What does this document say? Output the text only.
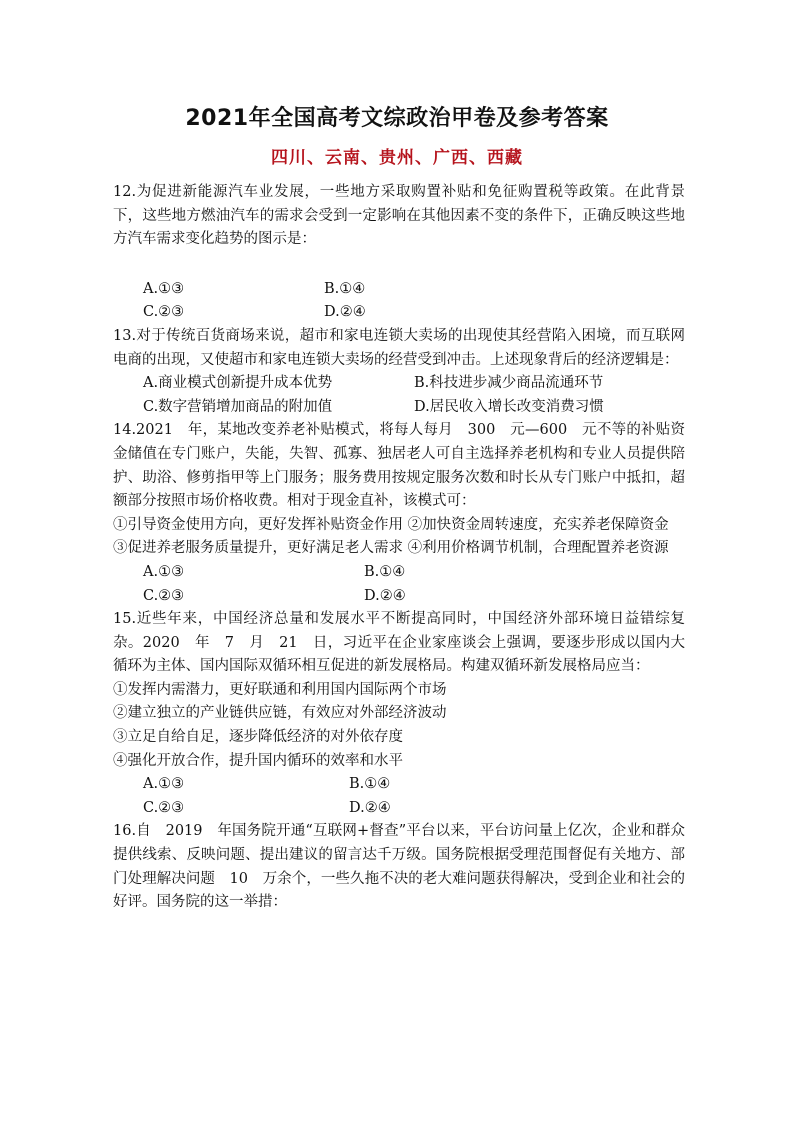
2021年全国高考文综政治甲卷及参考答案
四川、云南、贵州、广西、西藏

12.为促进新能源汽车业发展，一些地方采取购置补贴和免征购置税等政策。在此背景下，这些地方燃油汽车的需求会受到一定影响在其他因素不变的条件下，正确反映这些地方汽车需求变化趋势的图示是：

A.①③	B.①④
C.②③	D.②④

13.对于传统百货商场来说，超市和家电连锁大卖场的出现使其经营陷入困境，而互联网电商的出现，又使超市和家电连锁大卖场的经营受到冲击。上述现象背后的经济逻辑是：

A.商业模式创新提升成本优势	B.科技进步减少商品流通环节
C.数字营销增加商品的附加值	D.居民收入增长改变消费习惯

14.2021　年，某地改变养老补贴模式，将每人每月　300　元—600　元不等的补贴资金储值在专门账户，失能，失智、孤寡、独居老人可自主选择养老机构和专业人员提供陪护、助浴、修剪指甲等上门服务；服务费用按规定服务次数和时长从专门账户中抵扣，超额部分按照市场价格收费。相对于现金直补，该模式可：

①引导资金使用方向，更好发挥补贴资金作用 ②加快资金周转速度，充实养老保障资金

③促进养老服务质量提升，更好满足老人需求 ④利用价格调节机制，合理配置养老资源

A.①③	B.①④
C.②③	D.②④

15.近些年来，中国经济总量和发展水平不断提高同时，中国经济外部环境日益错综复杂。2020　年　7　月　21　日，习近平在企业家座谈会上强调，要逐步形成以国内大循环为主体、国内国际双循环相互促进的新发展格局。构建双循环新发展格局应当：

①发挥内需潜力，更好联通和利用国内国际两个市场

②建立独立的产业链供应链，有效应对外部经济波动

③立足自给自足，逐步降低经济的对外依存度

④强化开放合作，提升国内循环的效率和水平

A.①③	B.①④
C.②③	D.②④

16.自　2019　年国务院开通“互联网+督查”平台以来，平台访问量上亿次，企业和群众提供线索、反映问题、提出建议的留言达千万级。国务院根据受理范围督促有关地方、部门处理解决问题　10　万余个，一些久拖不决的老大难问题获得解决，受到企业和社会的好评。国务院的这一举措：
